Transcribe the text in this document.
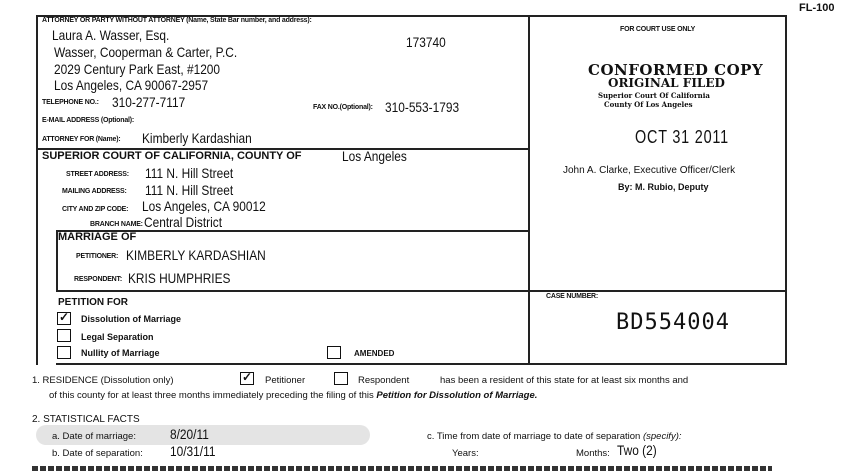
FL-100
ATTORNEY OR PARTY WITHOUT ATTORNEY (Name, State Bar number, and address):
Laura A. Wasser, Esq.	173740
Wasser, Cooperman & Carter, P.C.
2029 Century Park East, #1200
Los Angeles, CA 90067-2957
TELEPHONE NO.: 310-277-7117	FAX NO.(Optional): 310-553-1793
E-MAIL ADDRESS (Optional):
ATTORNEY FOR (Name): Kimberly Kardashian
SUPERIOR COURT OF CALIFORNIA, COUNTY OF	Los Angeles
STREET ADDRESS: 111 N. Hill Street
MAILING ADDRESS: 111 N. Hill Street
CITY AND ZIP CODE: Los Angeles, CA 90012
BRANCH NAME: Central District
MARRIAGE OF
PETITIONER: KIMBERLY KARDASHIAN
RESPONDENT: KRIS HUMPHRIES
FOR COURT USE ONLY
CONFORMED COPY
ORIGINAL FILED
Superior Court Of California
County Of Los Angeles
OCT 31 2011
John A. Clarke, Executive Officer/Clerk
By: M. Rubio, Deputy
PETITION FOR
✓ Dissolution of Marriage
Legal Separation
Nullity of Marriage	AMENDED
CASE NUMBER:
BD554004
1. RESIDENCE (Dissolution only)	✓ Petitioner	Respondent	has been a resident of this state for at least six months and
of this county for at least three months immediately preceding the filing of this Petition for Dissolution of Marriage.
2. STATISTICAL FACTS
a. Date of marriage: 8/20/11
b. Date of separation: 10/31/11
c. Time from date of marriage to date of separation (specify):
Years:	Months: Two (2)
